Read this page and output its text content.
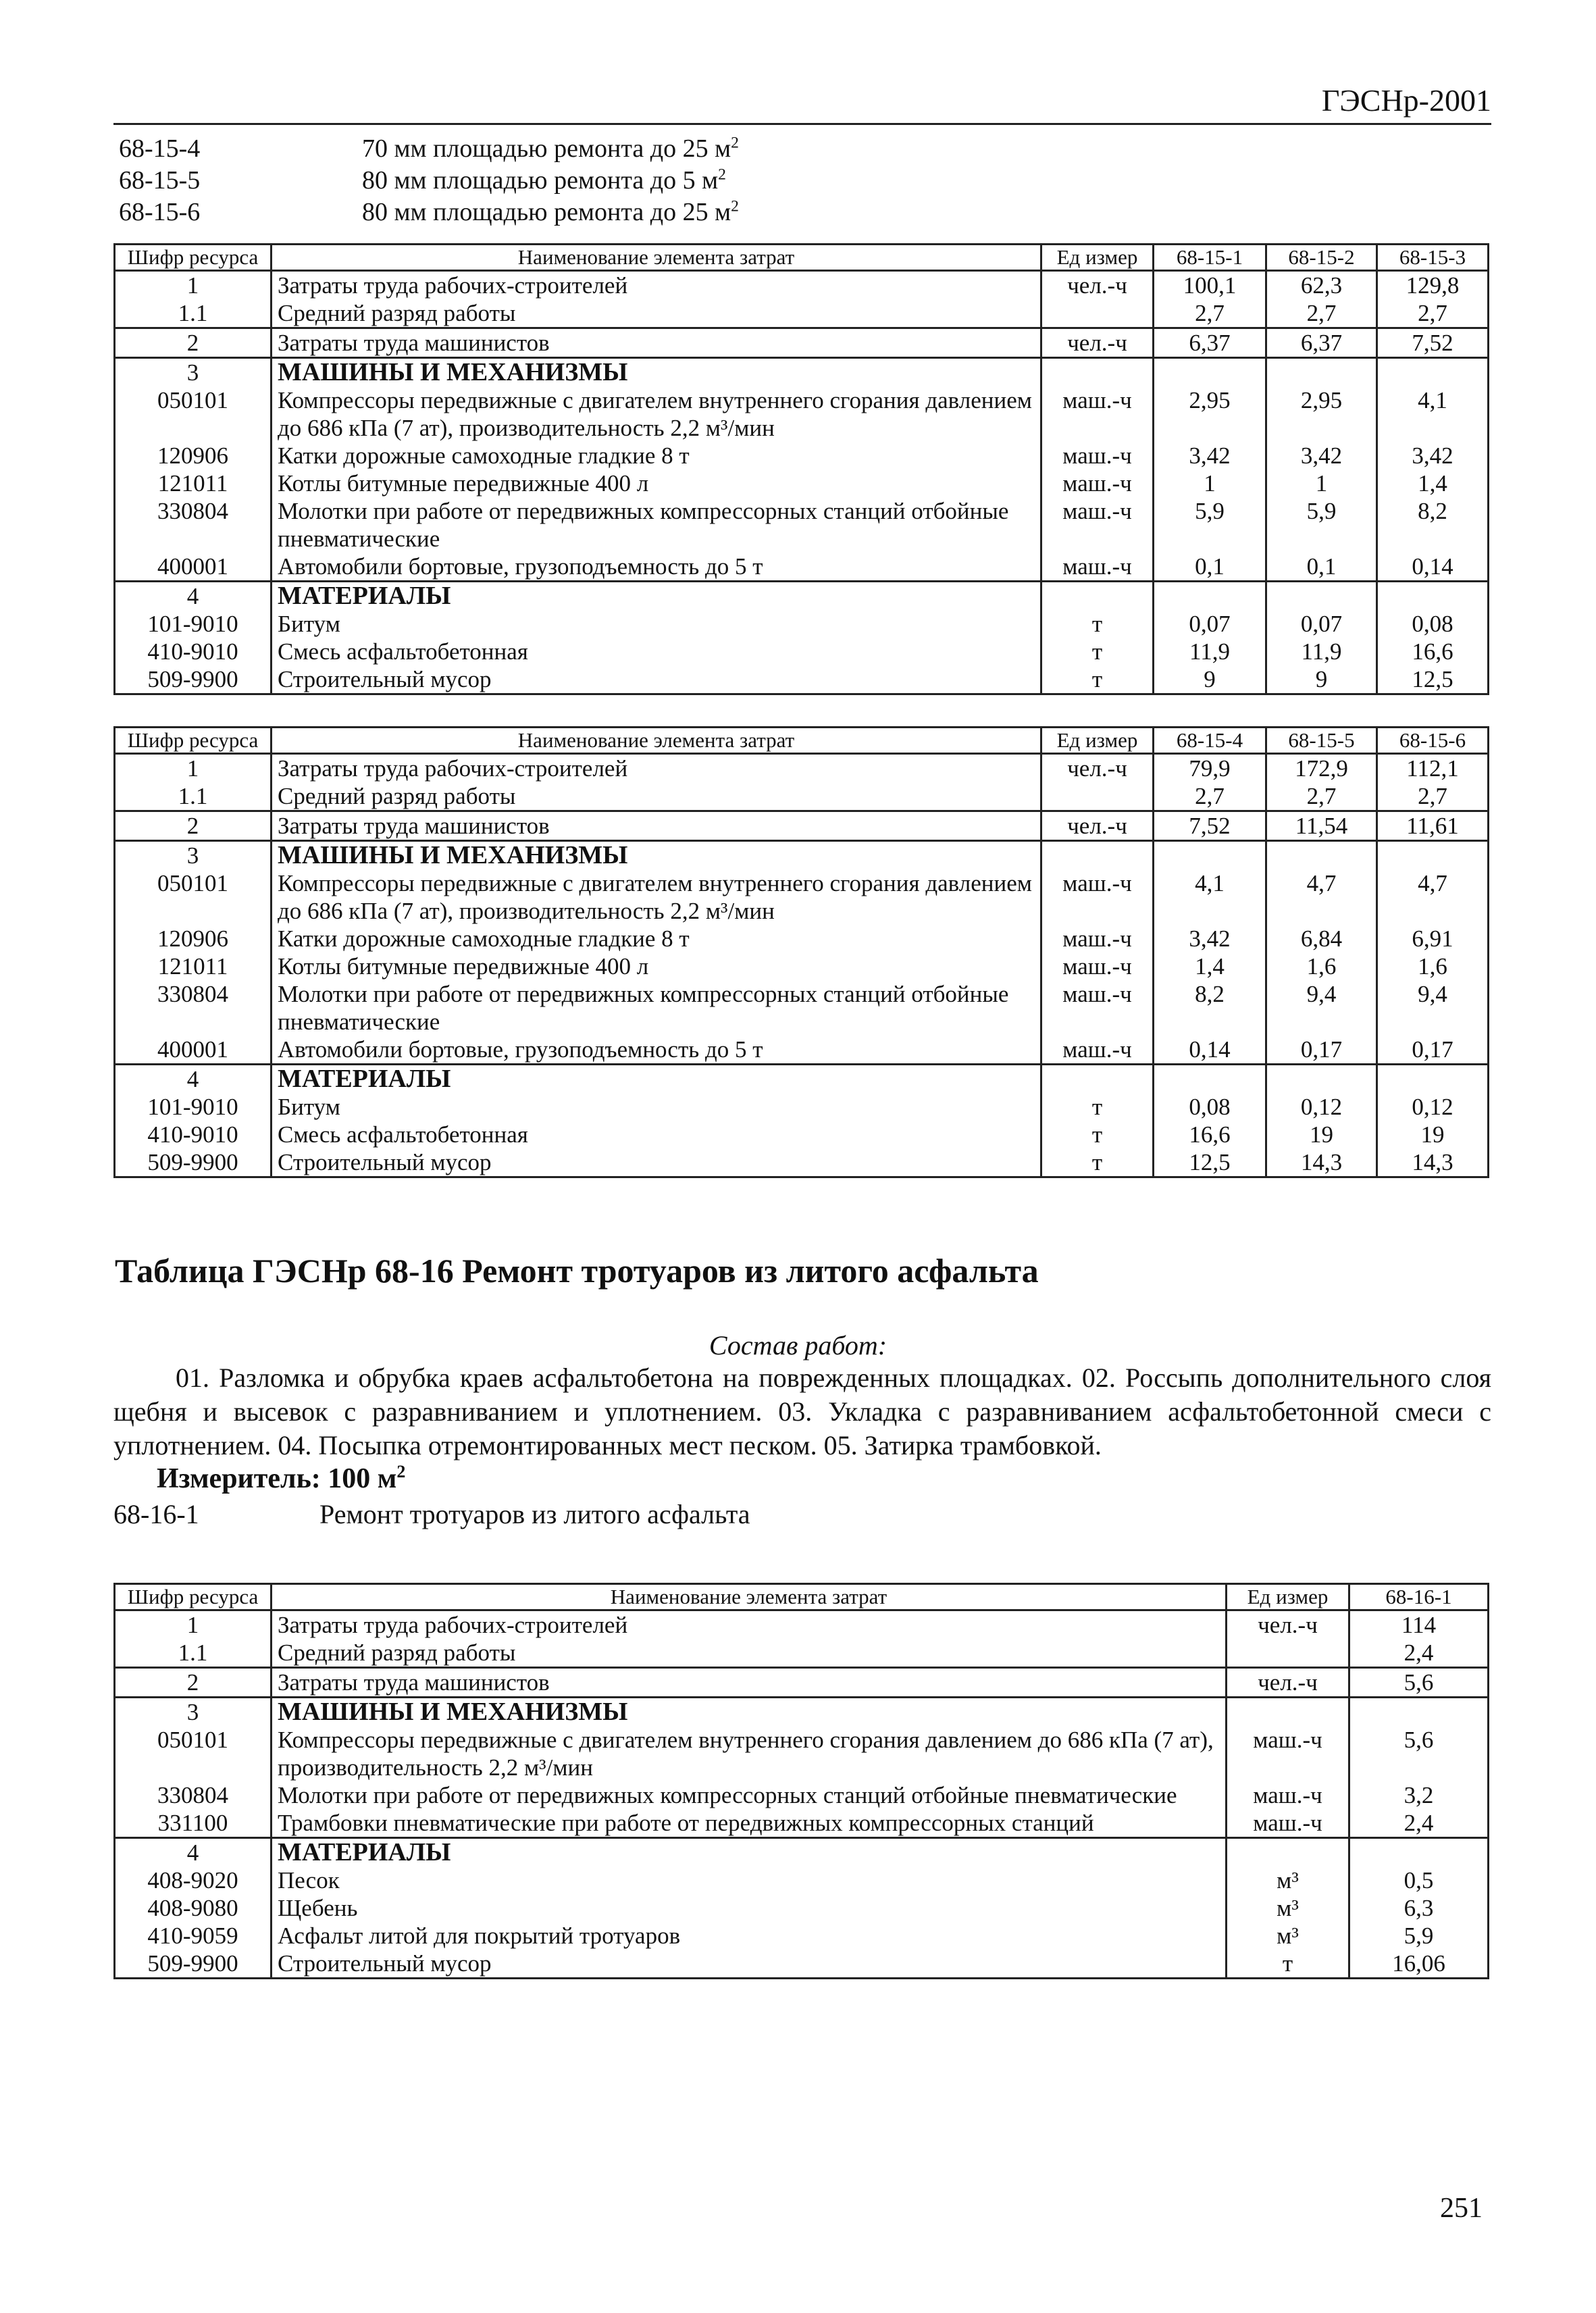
ГЭСНр-2001
68-15-4	70 мм площадью ремонта до 25 $м^2$
68-15-5	80 мм площадью ремонта до 5 $м^2$
68-15-6	80 мм площадью ремонта до 25 $м^2$
Шифр ресурса	Наименование элемента затрат	Ед измер	68-15-1	68-15-2	68-15-3
1	Затраты труда рабочих-строителей	чел.-ч	100,1	62,3	129,8
1.1	Средний разряд работы		2,7	2,7	2,7
2	Затраты труда машинистов	чел.-ч	6,37	6,37	7,52
3	МАШИНЫ И МЕХАНИЗМЫ				
050101	Компрессоры передвижные с двигателем внутреннего сгорания давлением до 686 кПа (7 ат), производительность 2,2 м³/мин	маш.-ч	2,95	2,95	4,1
120906	Катки дорожные самоходные гладкие 8 т	маш.-ч	3,42	3,42	3,42
121011	Котлы битумные передвижные 400 л	маш.-ч	1	1	1,4
330804	Молотки при работе от передвижных компрессорных станций отбойные пневматические	маш.-ч	5,9	5,9	8,2
400001	Автомобили бортовые, грузоподъемность до 5 т	маш.-ч	0,1	0,1	0,14
4	МАТЕРИАЛЫ				
101-9010	Битум	т	0,07	0,07	0,08
410-9010	Смесь асфальтобетонная	т	11,9	11,9	16,6
509-9900	Строительный мусор	т	9	9	12,5
Шифр ресурса	Наименование элемента затрат	Ед измер	68-15-4	68-15-5	68-15-6
1	Затраты труда рабочих-строителей	чел.-ч	79,9	172,9	112,1
1.1	Средний разряд работы		2,7	2,7	2,7
2	Затраты труда машинистов	чел.-ч	7,52	11,54	11,61
3	МАШИНЫ И МЕХАНИЗМЫ				
050101	Компрессоры передвижные с двигателем внутреннего сгорания давлением до 686 кПа (7 ат), производительность 2,2 м³/мин	маш.-ч	4,1	4,7	4,7
120906	Катки дорожные самоходные гладкие 8 т	маш.-ч	3,42	6,84	6,91
121011	Котлы битумные передвижные 400 л	маш.-ч	1,4	1,6	1,6
330804	Молотки при работе от передвижных компрессорных станций отбойные пневматические	маш.-ч	8,2	9,4	9,4
400001	Автомобили бортовые, грузоподъемность до 5 т	маш.-ч	0,14	0,17	0,17
4	МАТЕРИАЛЫ				
101-9010	Битум	т	0,08	0,12	0,12
410-9010	Смесь асфальтобетонная	т	16,6	19	19
509-9900	Строительный мусор	т	12,5	14,3	14,3
Таблица ГЭСНр 68-16 Ремонт тротуаров из литого асфальта
Состав работ:
01. Разломка и обрубка краев асфальтобетона на поврежденных площадках. 02. Россыпь дополнительного слоя щебня и высевок с разравниванием и уплотнением. 03. Укладка с разравниванием асфальтобетонной смеси с уплотнением. 04. Посыпка отремонтированных мест песком. 05. Затирка трамбовкой.
Измеритель: 100 $м^2$
68-16-1	Ремонт тротуаров из литого асфальта
Шифр ресурса	Наименование элемента затрат	Ед измер	68-16-1
1	Затраты труда рабочих-строителей	чел.-ч	114
1.1	Средний разряд работы		2,4
2	Затраты труда машинистов	чел.-ч	5,6
3	МАШИНЫ И МЕХАНИЗМЫ		
050101	Компрессоры передвижные с двигателем внутреннего сгорания давлением до 686 кПа (7 ат), производительность 2,2 м³/мин	маш.-ч	5,6
330804	Молотки при работе от передвижных компрессорных станций отбойные пневматические	маш.-ч	3,2
331100	Трамбовки пневматические при работе от передвижных компрессорных станций	маш.-ч	2,4
4	МАТЕРИАЛЫ		
408-9020	Песок	м³	0,5
408-9080	Щебень	м³	6,3
410-9059	Асфальт литой для покрытий тротуаров	м³	5,9
509-9900	Строительный мусор	т	16,06
251
